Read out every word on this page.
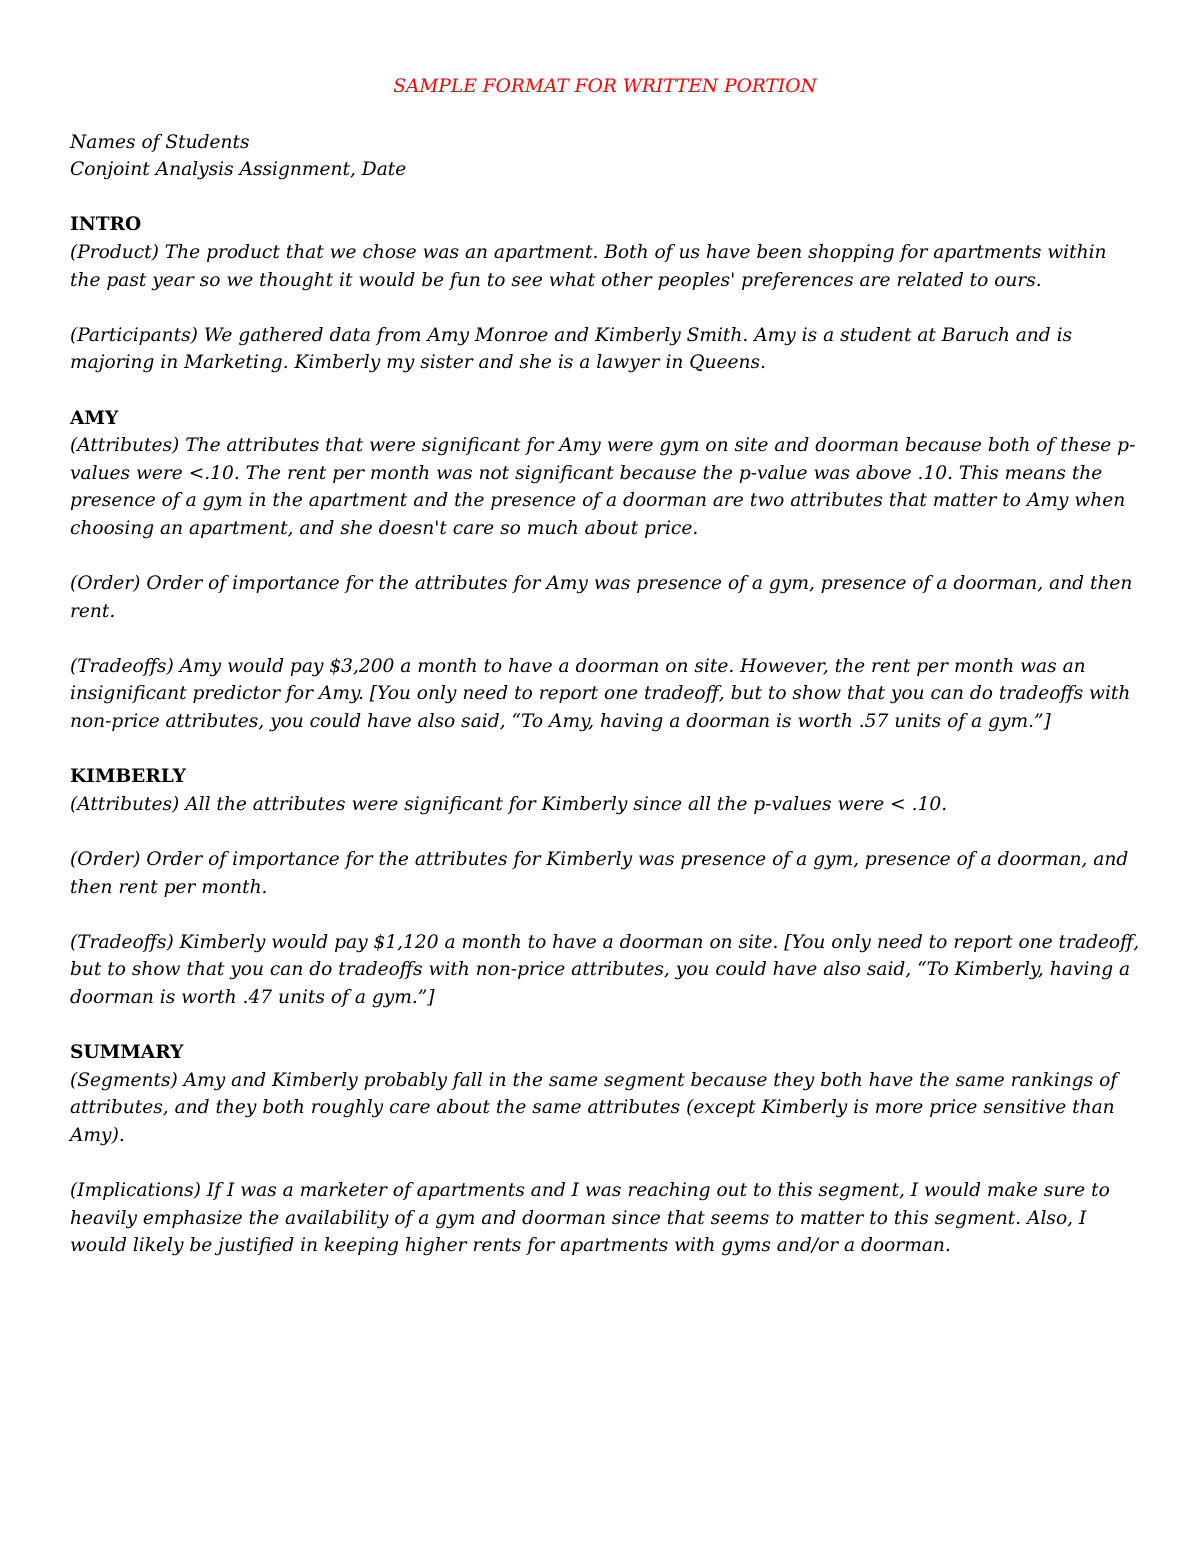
SAMPLE FORMAT FOR WRITTEN PORTION

Names of Students

Conjoint Analysis Assignment, Date

INTRO

(Product) The product that we chose was an apartment. Both of us have been shopping for apartments within the past year so we thought it would be fun to see what other peoples' preferences are related to ours.

(Participants) We gathered data from Amy Monroe and Kimberly Smith. Amy is a student at Baruch and is majoring in Marketing. Kimberly my sister and she is a lawyer in Queens.

AMY

(Attributes) The attributes that were significant for Amy were gym on site and doorman because both of these p-values were <.10. The rent per month was not significant because the p-value was above .10. This means the presence of a gym in the apartment and the presence of a doorman are two attributes that matter to Amy when choosing an apartment, and she doesn't care so much about price.

(Order) Order of importance for the attributes for Amy was presence of a gym, presence of a doorman, and then rent.

(Tradeoffs) Amy would pay $3,200 a month to have a doorman on site. However, the rent per month was an insignificant predictor for Amy. [You only need to report one tradeoff, but to show that you can do tradeoffs with non-price attributes, you could have also said, “To Amy, having a doorman is worth .57 units of a gym.”]

KIMBERLY

(Attributes) All the attributes were significant for Kimberly since all the p-values were < .10.

(Order) Order of importance for the attributes for Kimberly was presence of a gym, presence of a doorman, and then rent per month.

(Tradeoffs) Kimberly would pay $1,120 a month to have a doorman on site. [You only need to report one tradeoff, but to show that you can do tradeoffs with non-price attributes, you could have also said, “To Kimberly, having a doorman is worth .47 units of a gym.”]

SUMMARY

(Segments) Amy and Kimberly probably fall in the same segment because they both have the same rankings of attributes, and they both roughly care about the same attributes (except Kimberly is more price sensitive than Amy).

(Implications) If I was a marketer of apartments and I was reaching out to this segment, I would make sure to heavily emphasize the availability of a gym and doorman since that seems to matter to this segment. Also, I would likely be justified in keeping higher rents for apartments with gyms and/or a doorman.
